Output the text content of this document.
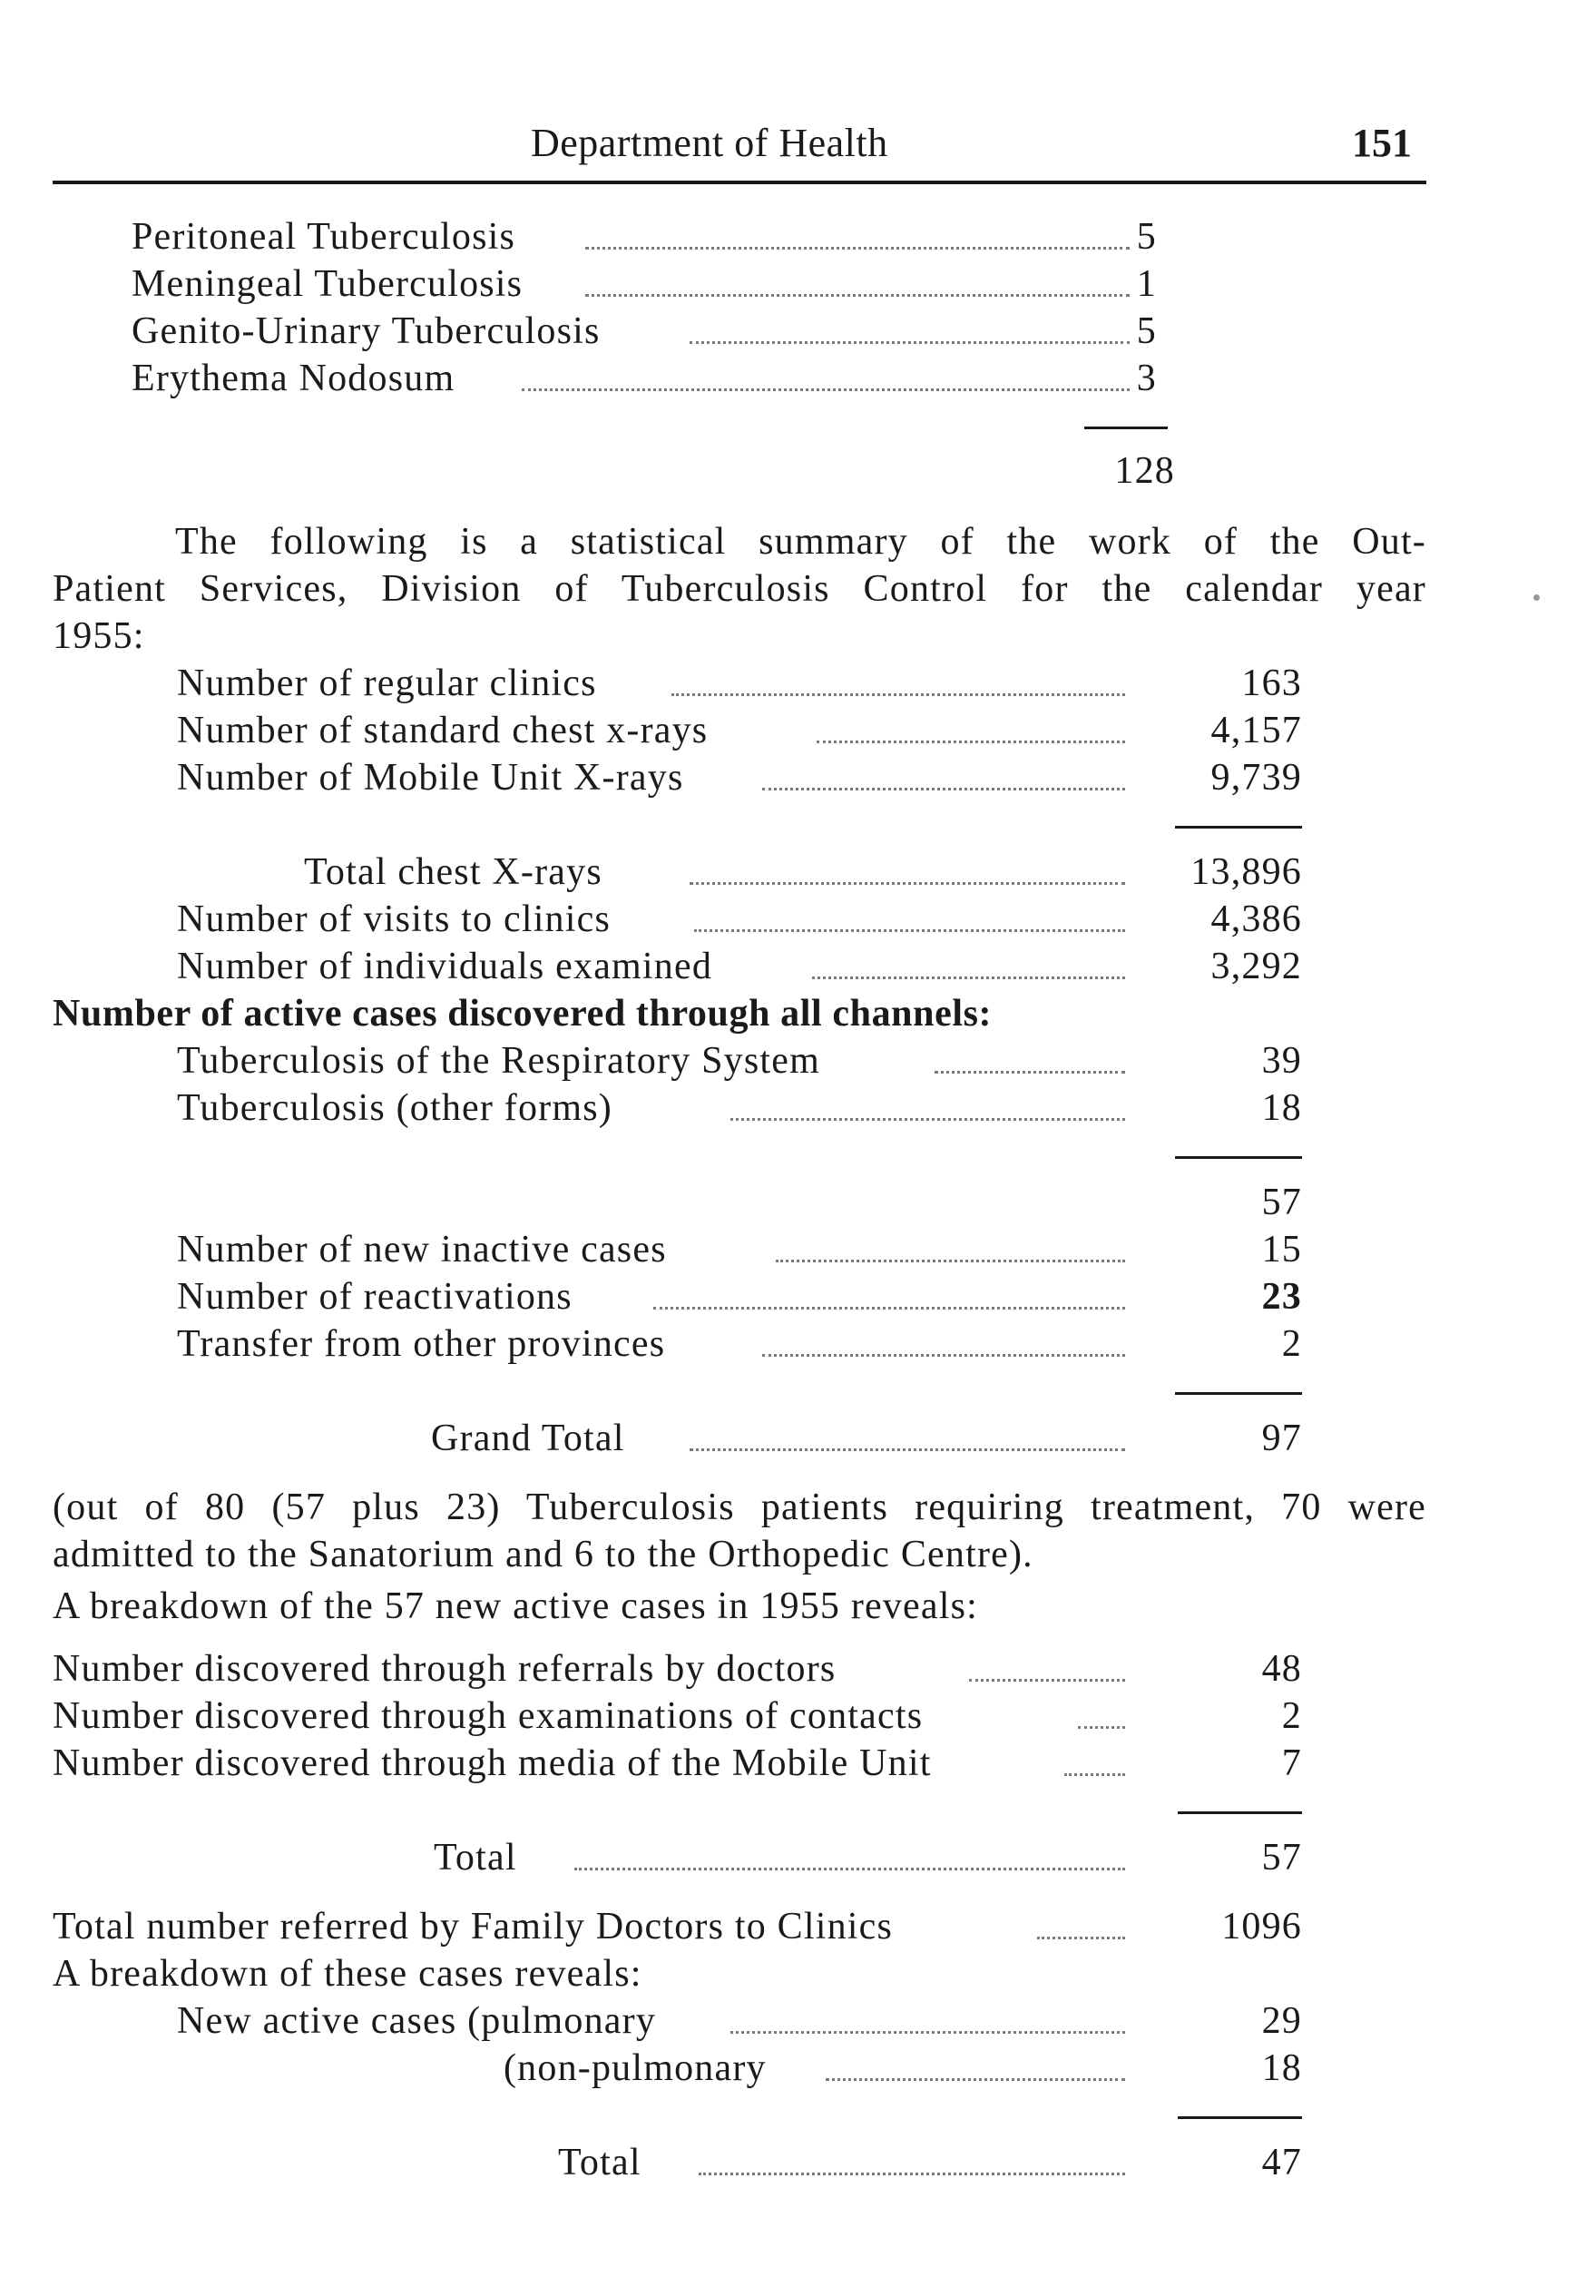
Department of Health	151
Peritoneal Tuberculosis	5
Meningeal Tuberculosis	1
Genito-Urinary Tuberculosis	5
Erythema Nodosum	3
128
The following is a statistical summary of the work of the Out-
Patient Services, Division of Tuberculosis Control for the calendar year
1955:
Number of regular clinics	163
Number of standard chest x-rays	4,157
Number of Mobile Unit X-rays	9,739
Total chest X-rays	13,896
Number of visits to clinics	4,386
Number of individuals examined	3,292
Number of active cases discovered through all channels:
Tuberculosis of the Respiratory System	39
Tuberculosis (other forms)	18
57
Number of new inactive cases	15
Number of reactivations	23
Transfer from other provinces	2
Grand Total	97
(out of 80 (57 plus 23) Tuberculosis patients requiring treatment, 70 were
admitted to the Sanatorium and 6 to the Orthopedic Centre).
A breakdown of the 57 new active cases in 1955 reveals:
Number discovered through referrals by doctors	48
Number discovered through examinations of contacts	2
Number discovered through media of the Mobile Unit	7
Total	57
Total number referred by Family Doctors to Clinics	1096
A breakdown of these cases reveals:
New active cases (pulmonary	29
(non-pulmonary	18
Total	47
